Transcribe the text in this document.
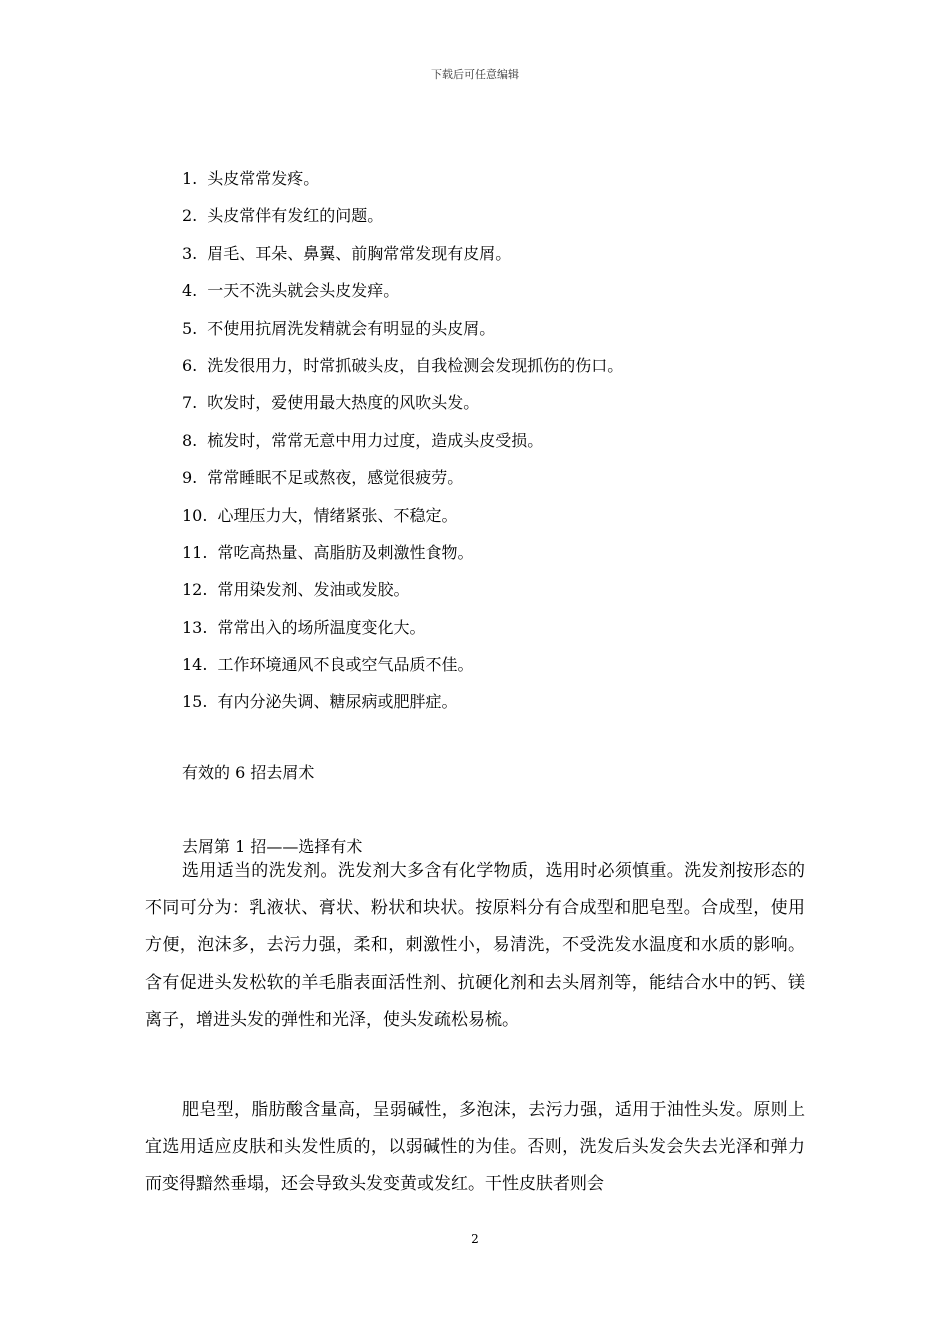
下载后可任意编辑
1. 头皮常常发疼。
2. 头皮常伴有发红的问题。
3. 眉毛、耳朵、鼻翼、前胸常常发现有皮屑。
4. 一天不洗头就会头皮发痒。
5. 不使用抗屑洗发精就会有明显的头皮屑。
6. 洗发很用力，时常抓破头皮，自我检测会发现抓伤的伤口。
7. 吹发时，爱使用最大热度的风吹头发。
8. 梳发时，常常无意中用力过度，造成头皮受损。
9. 常常睡眠不足或熬夜，感觉很疲劳。
10. 心理压力大，情绪紧张、不稳定。
11. 常吃高热量、高脂肪及刺激性食物。
12. 常用染发剂、发油或发胶。
13. 常常出入的场所温度变化大。
14. 工作环境通风不良或空气品质不佳。
15. 有内分泌失调、糖尿病或肥胖症。
有效的 6 招去屑术
去屑第 1 招——选择有术

选用适当的洗发剂。洗发剂大多含有化学物质，选用时必须慎重。洗发剂按形态的不同可分为：乳液状、膏状、粉状和块状。按原料分有合成型和肥皂型。合成型，使用方便，泡沫多，去污力强，柔和，刺激性小，易清洗，不受洗发水温度和水质的影响。含有促进头发松软的羊毛脂表面活性剂、抗硬化剂和去头屑剂等，能结合水中的钙、镁离子，增进头发的弹性和光泽，使头发疏松易梳。

肥皂型，脂肪酸含量高，呈弱碱性，多泡沫，去污力强，适用于油性头发。原则上宜选用适应皮肤和头发性质的，以弱碱性的为佳。否则，洗发后头发会失去光泽和弹力而变得黯然垂塌，还会导致头发变黄或发红。干性皮肤者则会

2
